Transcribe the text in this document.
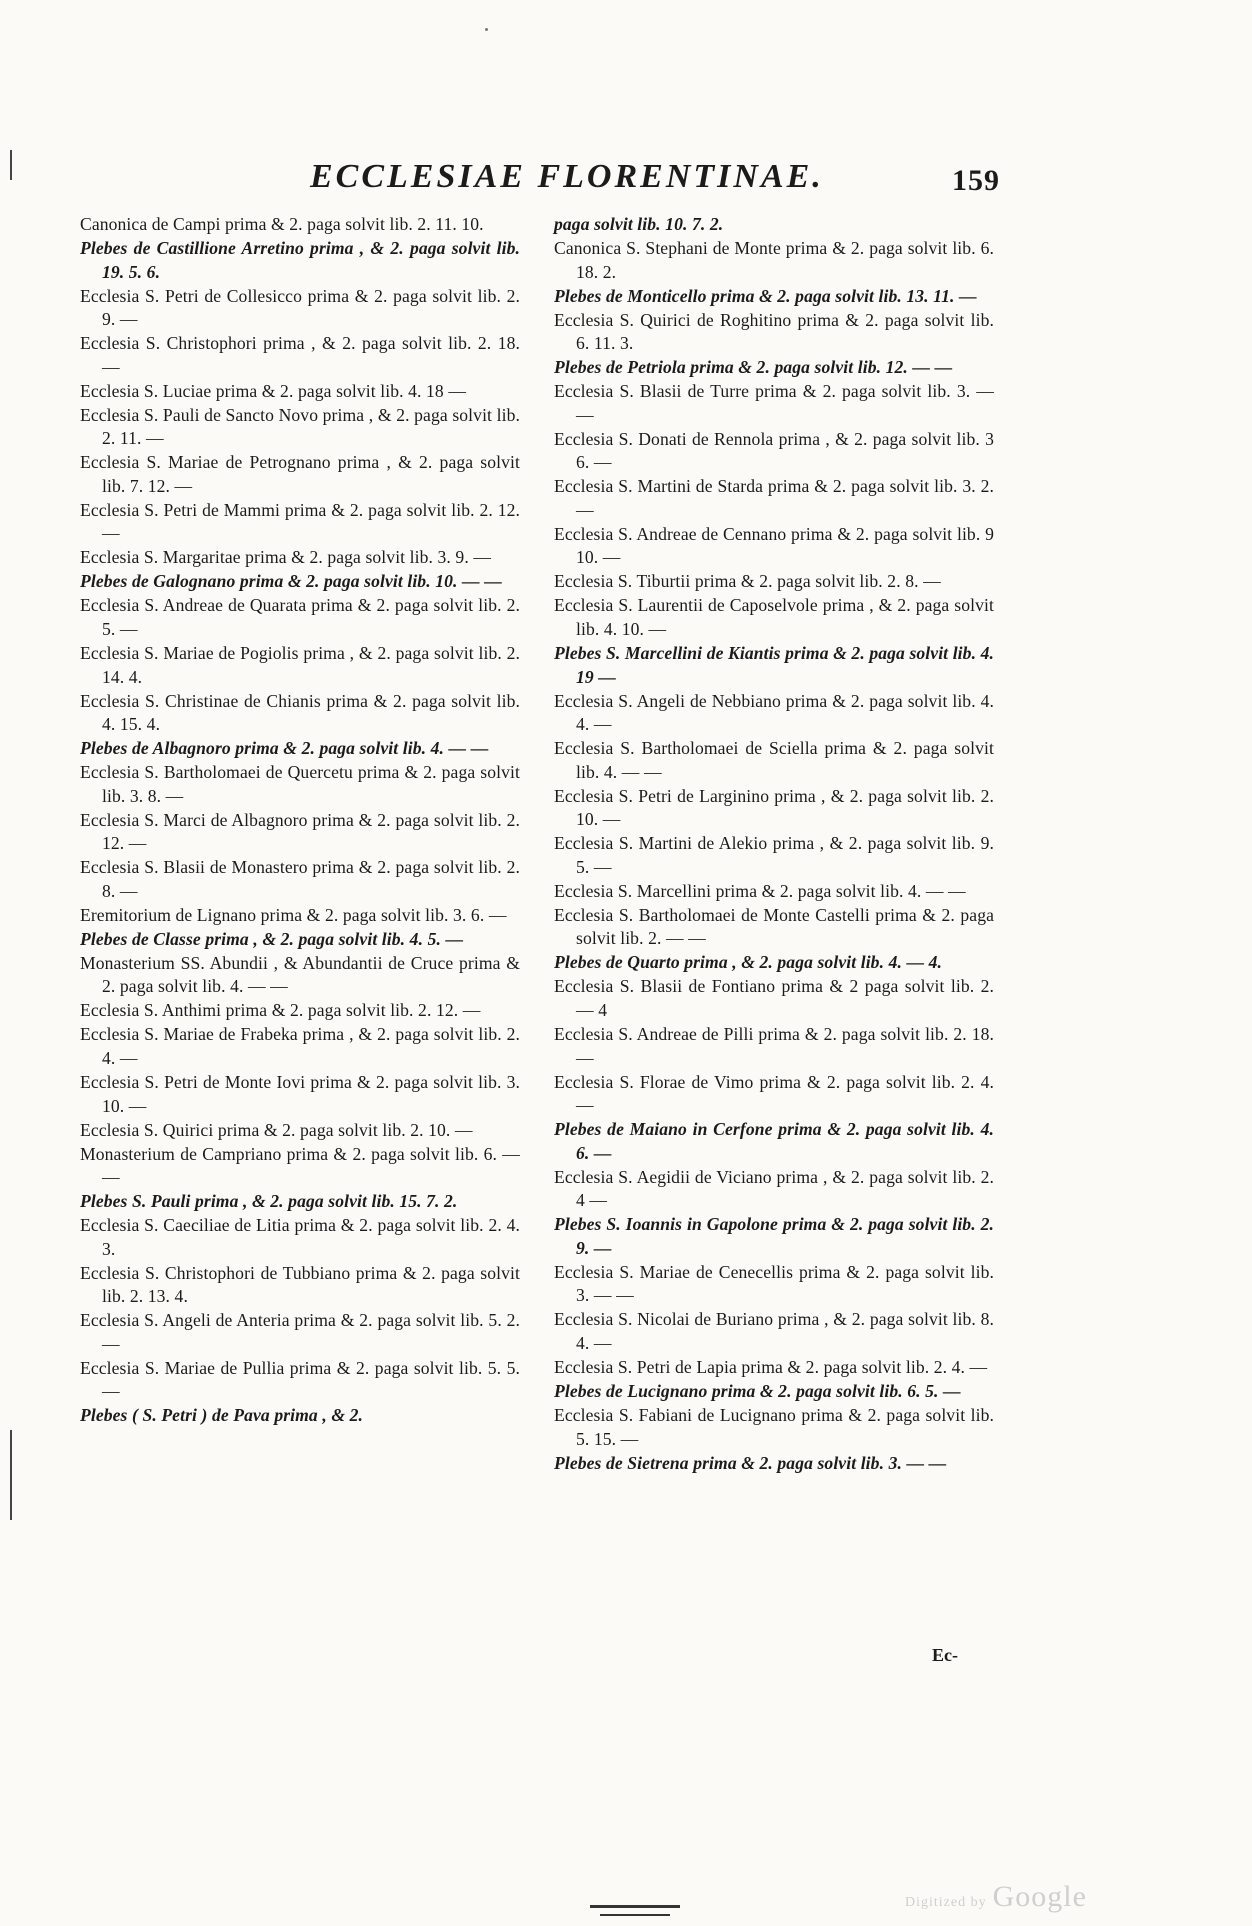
ECCLESIAE FLORENTINAE.	159

Canonica de Campi prima & 2. paga solvit lib. 2. 11. 10.

Plebes de Castillione Arretino prima , & 2. paga solvit lib. 19. 5. 6.

Ecclesia S. Petri de Collesicco prima & 2. paga solvit lib. 2. 9. —

Ecclesia S. Christophori prima , & 2. paga solvit lib. 2. 18. —

Ecclesia S. Luciae prima & 2. paga solvit lib. 4. 18 —

Ecclesia S. Pauli de Sancto Novo prima , & 2. paga solvit lib. 2. 11. —

Ecclesia S. Mariae de Petrognano prima , & 2. paga solvit lib. 7. 12. —

Ecclesia S. Petri de Mammi prima & 2. paga solvit lib. 2. 12. —

Ecclesia S. Margaritae prima & 2. paga solvit lib. 3. 9. —

Plebes de Galognano prima & 2. paga solvit lib. 10. — —

Ecclesia S. Andreae de Quarata prima & 2. paga solvit lib. 2. 5. —

Ecclesia S. Mariae de Pogiolis prima , & 2. paga solvit lib. 2. 14. 4.

Ecclesia S. Christinae de Chianis prima & 2. paga solvit lib. 4. 15. 4.

Plebes de Albagnoro prima & 2. paga solvit lib. 4. — —

Ecclesia S. Bartholomaei de Quercetu prima & 2. paga solvit lib. 3. 8. —

Ecclesia S. Marci de Albagnoro prima & 2. paga solvit lib. 2. 12. —

Ecclesia S. Blasii de Monastero prima & 2. paga solvit lib. 2. 8. —

Eremitorium de Lignano prima & 2. paga solvit lib. 3. 6. —

Plebes de Classe prima , & 2. paga solvit lib. 4. 5. —

Monasterium SS. Abundii , & Abundantii de Cruce prima & 2. paga solvit lib. 4. — —

Ecclesia S. Anthimi prima & 2. paga solvit lib. 2. 12. —

Ecclesia S. Mariae de Frabeka prima , & 2. paga solvit lib. 2. 4. —

Ecclesia S. Petri de Monte Iovi prima & 2. paga solvit lib. 3. 10. —

Ecclesia S. Quirici prima & 2. paga solvit lib. 2. 10. —

Monasterium de Campriano prima & 2. paga solvit lib. 6. — —

Plebes S. Pauli prima , & 2. paga solvit lib. 15. 7. 2.

Ecclesia S. Caeciliae de Litia prima & 2. paga solvit lib. 2. 4. 3.

Ecclesia S. Christophori de Tubbiano prima & 2. paga solvit lib. 2. 13. 4.

Ecclesia S. Angeli de Anteria prima & 2. paga solvit lib. 5. 2. —

Ecclesia S. Mariae de Pullia prima & 2. paga solvit lib. 5. 5. —

Plebes ( S. Petri ) de Pava prima , & 2.

paga solvit lib. 10. 7. 2.

Canonica S. Stephani de Monte prima & 2. paga solvit lib. 6. 18. 2.

Plebes de Monticello prima & 2. paga solvit lib. 13. 11. —

Ecclesia S. Quirici de Roghitino prima & 2. paga solvit lib. 6. 11. 3.

Plebes de Petriola prima & 2. paga solvit lib. 12. — —

Ecclesia S. Blasii de Turre prima & 2. paga solvit lib. 3. — —

Ecclesia S. Donati de Rennola prima , & 2. paga solvit lib. 3 6. —

Ecclesia S. Martini de Starda prima & 2. paga solvit lib. 3. 2. —

Ecclesia S. Andreae de Cennano prima & 2. paga solvit lib. 9 10. —

Ecclesia S. Tiburtii prima & 2. paga solvit lib. 2. 8. —

Ecclesia S. Laurentii de Caposelvole prima , & 2. paga solvit lib. 4. 10. —

Plebes S. Marcellini de Kiantis prima & 2. paga solvit lib. 4. 19 —

Ecclesia S. Angeli de Nebbiano prima & 2. paga solvit lib. 4. 4. —

Ecclesia S. Bartholomaei de Sciella prima & 2. paga solvit lib. 4. — —

Ecclesia S. Petri de Larginino prima , & 2. paga solvit lib. 2. 10. —

Ecclesia S. Martini de Alekio prima , & 2. paga solvit lib. 9. 5. —

Ecclesia S. Marcellini prima & 2. paga solvit lib. 4. — —

Ecclesia S. Bartholomaei de Monte Castelli prima & 2. paga solvit lib. 2. — —

Plebes de Quarto prima , & 2. paga solvit lib. 4. — 4.

Ecclesia S. Blasii de Fontiano prima & 2 paga solvit lib. 2. — 4

Ecclesia S. Andreae de Pilli prima & 2. paga solvit lib. 2. 18. —

Ecclesia S. Florae de Vimo prima & 2. paga solvit lib. 2. 4. —

Plebes de Maiano in Cerfone prima & 2. paga solvit lib. 4. 6. —

Ecclesia S. Aegidii de Viciano prima , & 2. paga solvit lib. 2. 4 —

Plebes S. Ioannis in Gapolone prima & 2. paga solvit lib. 2. 9. —

Ecclesia S. Mariae de Cenecellis prima & 2. paga solvit lib. 3. — —

Ecclesia S. Nicolai de Buriano prima , & 2. paga solvit lib. 8. 4. —

Ecclesia S. Petri de Lapia prima & 2. paga solvit lib. 2. 4. —

Plebes de Lucignano prima & 2. paga solvit lib. 6. 5. —

Ecclesia S. Fabiani de Lucignano prima & 2. paga solvit lib. 5. 15. —

Plebes de Sietrena prima & 2. paga solvit lib. 3. — —

Ec-
Digitized by Google
